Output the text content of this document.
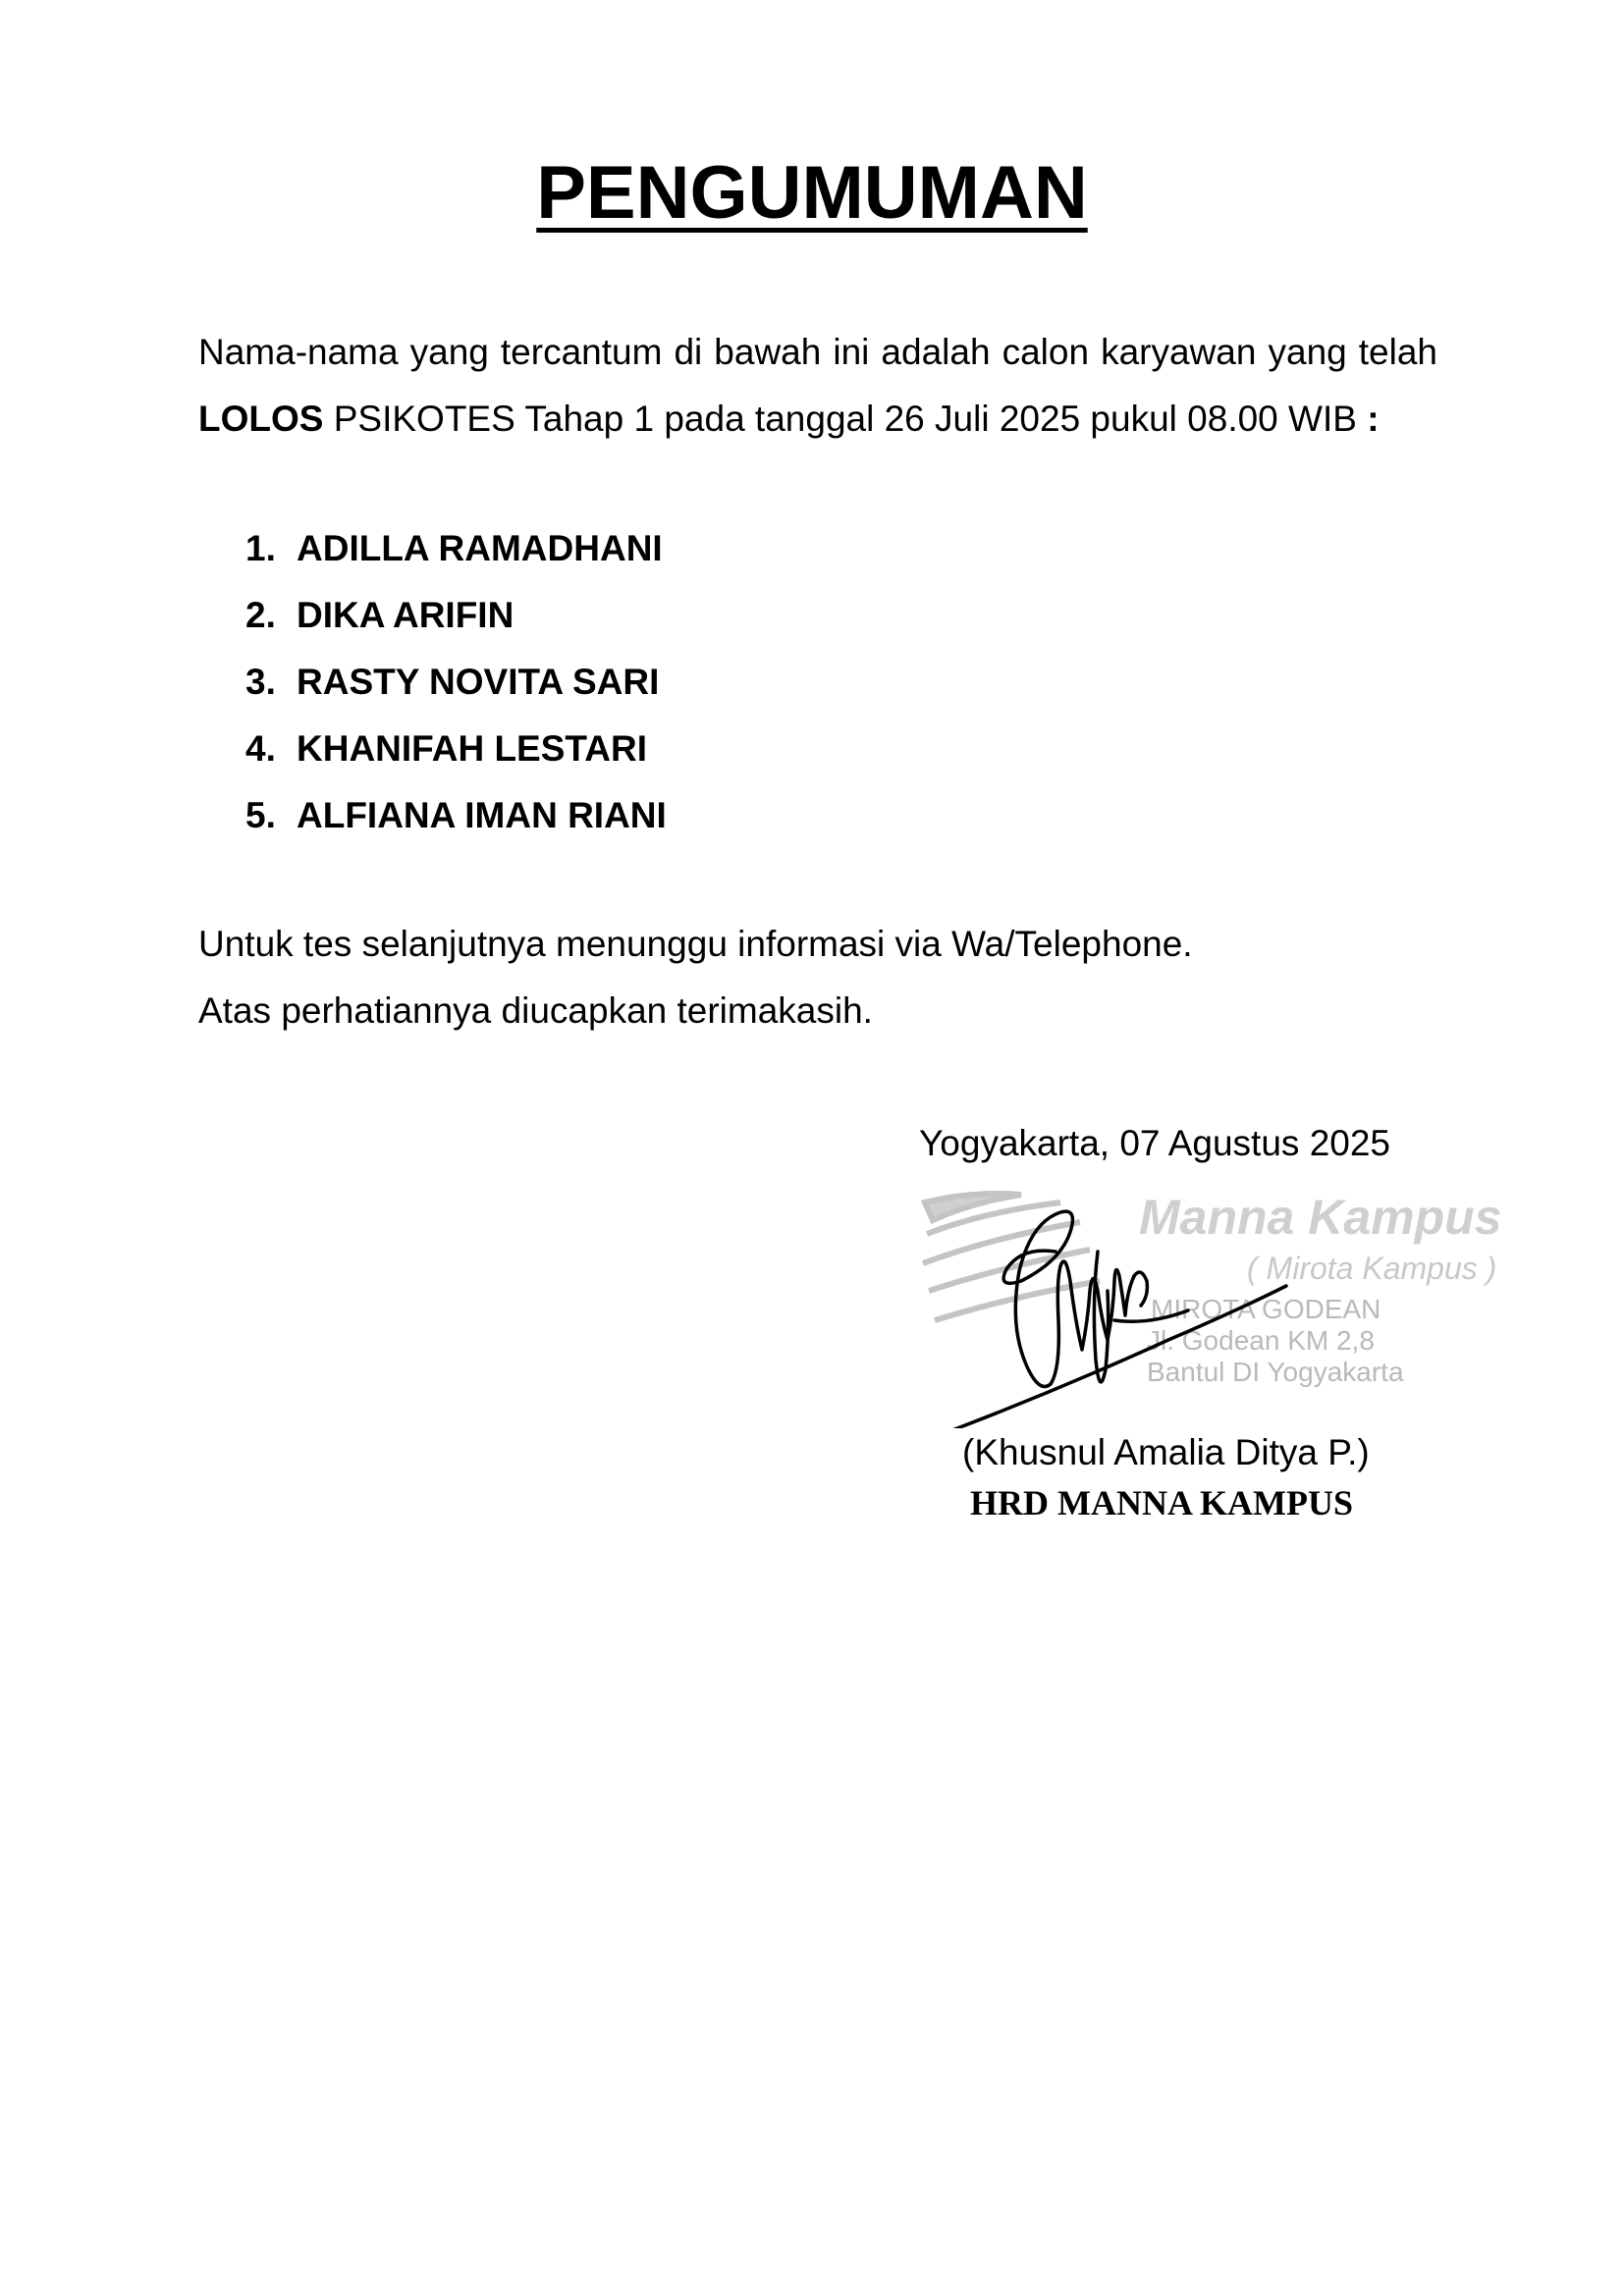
PENGUMUMAN
Nama-nama yang tercantum di bawah ini adalah calon karyawan yang telah LOLOS PSIKOTES Tahap 1 pada tanggal 26 Juli 2025 pukul 08.00 WIB :
1. ADILLA RAMADHANI
2. DIKA ARIFIN
3. RASTY NOVITA SARI
4. KHANIFAH LESTARI
5. ALFIANA IMAN RIANI
Untuk tes selanjutnya menunggu informasi via Wa/Telephone.
Atas perhatiannya diucapkan terimakasih.
Yogyakarta, 07 Agustus 2025
Manna Kampus
( Mirota Kampus )
MIROTA GODEAN
Jl. Godean KM 2,8
Bantul DI Yogyakarta
(Khusnul Amalia Ditya P.)
HRD MANNA KAMPUS
